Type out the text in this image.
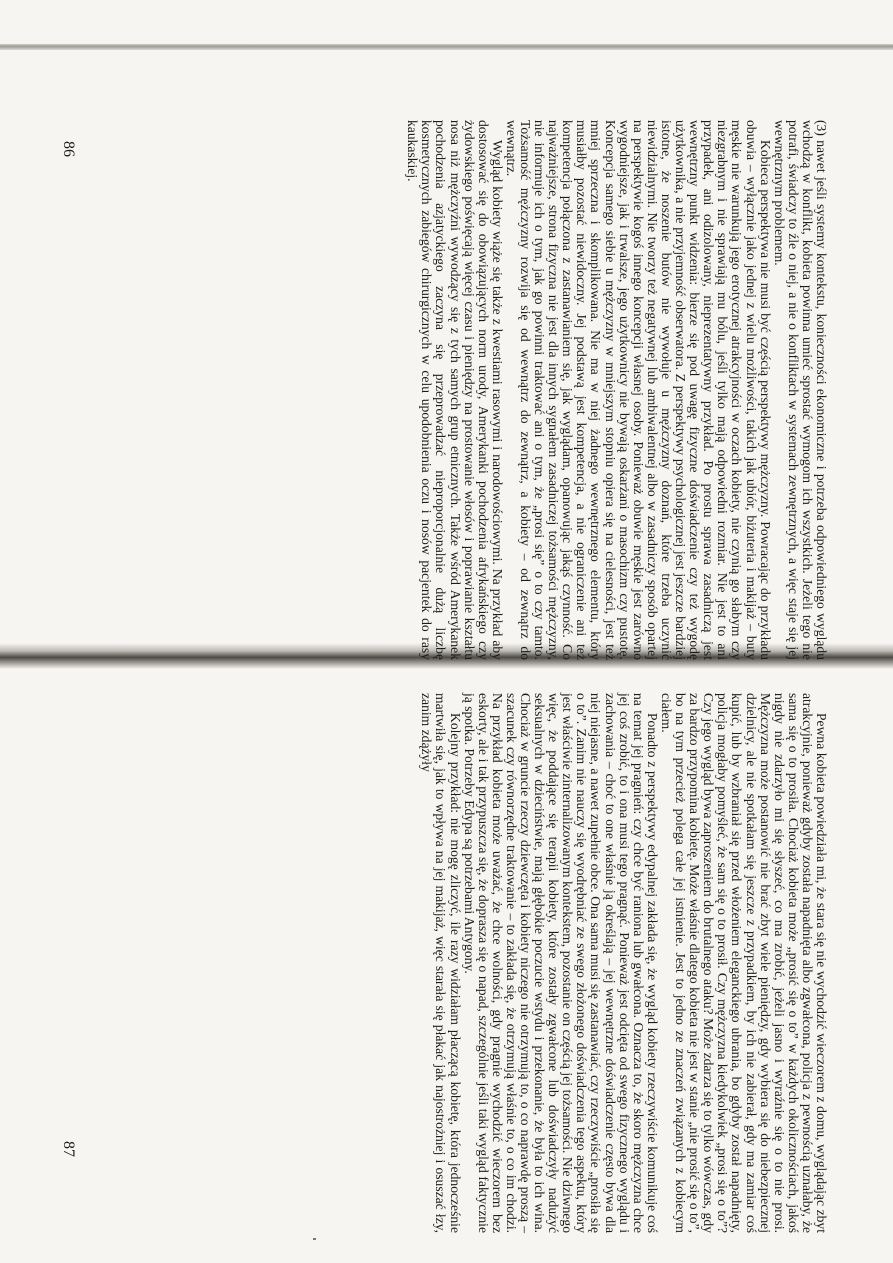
(3) nawet jeśli systemy kontekstu, konieczności ekonomiczne i potrzeba odpowiedniego wyglądu wchodzą w konflikt, kobieta powinna umieć sprostać wymogom ich wszystkich. Jeżeli tego nie potrafi, świadczy to źle o niej, a nie o konfliktach w systemach zewnętrznych, a więc staje się jej wewnętrznym problemem.

Kobieca perspektywa nie musi być częścią perspektywy mężczyzny. Powracając do przykładu obuwia – wyłącznie jako jednej z wielu możliwości, takich jak ubiór, biżuteria i makijaż – buty męskie nie warunkują jego erotycznej atrakcyjności w oczach kobiety, nie czynią go słabym czy niezgrabnym i nie sprawiają mu bólu, jeśli tylko mają odpowiedni rozmiar. Nie jest to ani przypadek, ani odizolowany, nieprezentatywny przykład. Po prostu sprawa zasadniczą jest wewnętrzny punkt widzenia: bierze się pod uwagę fizyczne doświadczenie czy też wygodę użytkownika, a nie przyjemność obserwatora. Z perspektywy psychologicznej jest jeszcze bardziej istotne, że noszenie butów nie wywołuje u mężczyzny doznań, które trzeba uczynić niewidzialnymi. Nie tworzy też negatywnej lub ambiwalentnej albo w zasadniczy sposób opartej na perspektywie kogoś innego koncepcji własnej osoby. Ponieważ obuwie męskie jest zarówno wygodniejsze, jak i trwalsze, jego użytkownicy nie bywają oskarżani o masochizm czy pustotę. Koncepcja samego siebie u mężczyzny w mniejszym stopniu opiera się na cielesności, jest też mniej sprzeczna i skomplikowana. Nie ma w niej żadnego wewnętrznego elementu, który musiałby pozostać niewidoczny. Jej podstawą jest kompetencja, a nie ograniczenie ani też kompetencja połączona z zastanawianiem się, jak wyglądam, opanowując jakąś czynność. Co najważniejsze, strona fizyczna nie jest dla innych sygnałem zasadniczej tożsamości mężczyzny, nie informuje ich o tym, jak go powinni traktować ani o tym, że „prosi się” o to czy tamto. Tożsamość mężczyzny rozwija się od wewnątrz do zewnątrz, a kobiety – od zewnątrz do wewnątrz.

Wygląd kobiety wiąże się także z kwestiami rasowymi i narodowościowymi. Na przykład aby dostosować się do obowiązujących norm urody, Amerykanki pochodzenia afrykańskiego czy żydowskiego poświęcają więcej czasu i pieniędzy na prostowanie włosów i poprawianie kształtu nosa niż mężczyźni wywodzący się z tych samych grup etnicznych. Także wśród Amerykanek pochodzenia azjatyckiego zaczyna się przeprowadzać nieproporcjonalnie dużą liczbę kosmetycznych zabiegów chirurgicznych w celu upodobnienia oczu i nosów pacjentek do rasy kaukaskiej.

86

Pewna kobieta powiedziała mi, że stara się nie wychodzić wieczorem z domu, wyglądając zbyt atrakcyjnie, ponieważ gdyby została napadnięta albo zgwałcona, policja z pewnością uznałaby, że sama się o to prosiła. Chociaż kobieta może „prosić się o to” w każdych okolicznościach, jakoś nigdy nie zdarzyło mi się słyszeć, co ma zrobić, jeżeli jasno i wyraźnie się o to nie prosi. Mężczyzna może postanowić nie brać zbyt wiele pieniędzy, gdy wybiera się do niebezpiecznej dzielnicy, ale nie spotkałam się jeszcze z przypadkiem, by ich nie zabierał, gdy ma zamiar coś kupić, lub by wzbraniał się przed włożeniem eleganckiego ubrania, bo gdyby został napadnięty, policja mogłaby pomyśleć, że sam się o to prosił. Czy mężczyzna kiedykolwiek „prosi się o to”? Czy jego wygląd bywa zaproszeniem do brutalnego ataku? Może zdarza się to tylko wówczas, gdy za bardzo przypomina kobietę. Może właśnie dlatego kobieta nie jest w stanie „nie prosić się o to”, bo na tym przecież polega całe jej istnienie. Jest to jedno ze znaczeń związanych z kobiecym ciałem.

Ponadto z perspektywy edypalnej zakłada się, że wygląd kobiety rzeczywiście komunikuje coś na temat jej pragnień: czy chce być raniona lub gwałcona. Oznacza to, że skoro mężczyzna chce jej coś zrobić, to i ona musi tego pragnąć. Ponieważ jest odcięta od swego fizycznego wyglądu i zachowania – choć to one właśnie ją określają – jej wewnętrzne doświadczenie często bywa dla niej niejasne, a nawet zupełnie obce. Ona sama musi się zastanawiać, czy rzeczywiście „prosiła się o to”. Zanim nie nauczy się wyodrębniać ze swego złożonego doświadczenia tego aspektu, który jest właściwie zinternalizowanym kontekstem, pozostanie on częścią jej tożsamości. Nie dziwnego więc, że poddające się terapii kobiety, które zostały zgwałcone lub doświadczyły nadużyć seksualnych w dzieciństwie, mają głębokie poczucie wstydu i przekonanie, że była to ich wina. Chociaż w gruncie rzeczy dziewczęta i kobiety niczego nie otrzymują to, o co naprawdę proszą – szacunek czy równorzędne traktowanie – to zakłada się, że otrzymują właśnie to, o co im chodzi. Na przykład kobieta może uważać, że chce wolności, gdy pragnie wychodzić wieczorem bez eskorty, ale i tak przypuszcza się, że doprasza się o napad, szczególnie jeśli taki wygląd faktycznie ją spotka. Potrzeby Edypa są potrzebami Antygony.

Kolejny przykład: nie mogę zliczyć, ile razy widziałam płaczącą kobietę, która jednocześnie martwiła się, jak to wpływa na jej makijaż, więc starała się płakać jak najostrożniej i osuszać łzy, zanim zdążyły

87
